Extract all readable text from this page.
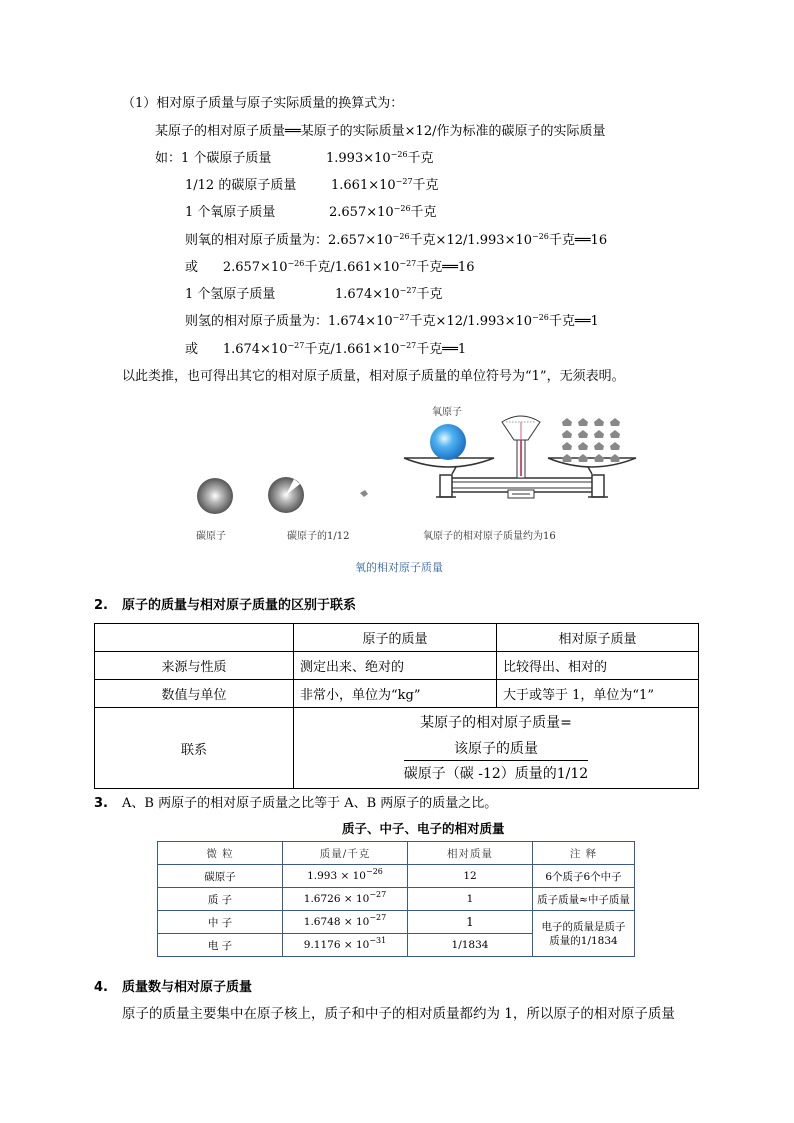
（1）相对原子质量与原子实际质量的换算式为：
某原子的相对原子质量══某原子的实际质量×12/作为标准的碳原子的实际质量
如：1 个碳原子质量	$1.993\times 10^{-26}$千克
1/12 的碳原子质量	$1.661\times 10^{-27}$千克
1 个氧原子质量	$2.657\times 10^{-26}$千克
则氧的相对原子质量为：$2.657\times 10^{-26}$千克$\times 12/1.993\times 10^{-26}$千克══16
或 $2.657\times 10^{-26}$千克$/1.661\times 10^{-27}$千克══16
1 个氢原子质量	$1.674\times 10^{-27}$千克
则氢的相对原子质量为：$1.674\times 10^{-27}$千克$\times 12/1.993\times 10^{-26}$千克══1
或 $1.674\times 10^{-27}$千克$/1.661\times 10^{-27}$千克══1
以此类推，也可得出其它的相对原子质量，相对原子质量的单位符号为“1”，无须表明。
氧原子
碳原子	碳原子的1/12	氧原子的相对原子质量约为16
氧的相对原子质量
2. 原子的质量与相对原子质量的区别于联系
	原子的质量	相对原子质量
来源与性质	测定出来、绝对的	比较得出、相对的
数值与单位	非常小，单位为“kg”	大于或等于 1，单位为“1”
联系	某原子的相对原子质量=
$\frac{\text{该原子的质量}}{\text{碳原子（碳 -12）质量的1/12}}$
3. A、B 两原子的相对原子质量之比等于 A、B 两原子的质量之比。
质子、中子、电子的相对质量
微 粒	质量/千克	相对质量	注 释
碳原子	$1.993 \times 10^{-26}$	12	6个质子6个中子
质 子	$1.6726 \times 10^{-27}$	1	质子质量≈中子质量
中 子	$1.6748 \times 10^{-27}$	1	电子的质量是质子质量的1/1834
电 子	$9.1176 \times 10^{-31}$	1/1834	
4. 质量数与相对原子质量
原子的质量主要集中在原子核上，质子和中子的相对质量都约为 1，所以原子的相对原子质量
